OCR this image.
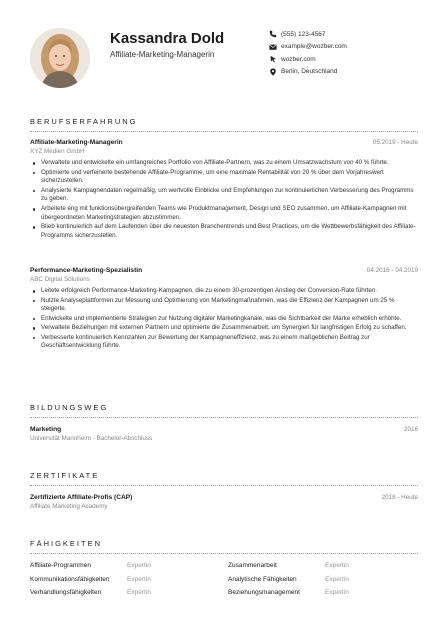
Kassandra Dold
Affiliate-Marketing-Managerin
(555) 123-4567
example@wozber.com
wozber.com
Berlin, Deutschland
BERUFSERFAHRUNG
Affiliate-Marketing-Managerin	05.2019 - Heute
XYZ Medien GmbH
Verwaltete und entwickelte ein umfangreiches Portfolio von Affiliate-Partnern, was zu einem Umsatzwachstum von 40 % führte.
Optimierte und verfeinerte bestehende Affiliate-Programme, um eine maximale Rentabilität von 20 % über dem Vorjahreswert sicherzustellen.
Analysierte Kampagnendaten regelmäßig, um wertvolle Einblicke und Empfehlungen zur kontinuierlichen Verbesserung des Programms zu geben.
Arbeitete eng mit funktionsübergreifenden Teams wie Produktmanagement, Design und SEO zusammen, um Affiliate-Kampagnen mit übergeordneten Marketingstrategien abzustimmen.
Blieb kontinuierlich auf dem Laufenden über die neuesten Branchentrends und Best Practices, um die Wettbewerbsfähigkeit des Affiliate-Programms sicherzustellen.
Performance-Marketing-Spezialistin	04.2016 - 04.2019
ABC Digital Solutions
Leitete erfolgreich Performance-Marketing-Kampagnen, die zu einem 30-prozentigen Anstieg der Conversion-Rate führten.
Nutzte Analyseplattformen zur Messung und Optimierung von Marketingmaßnahmen, was die Effizienz der Kampagnen um 25 % steigerte.
Entwickelte und implementierte Strategien zur Nutzung digitaler Marketingkanäle, was die Sichtbarkeit der Marke erheblich erhöhte.
Verwaltete Beziehungen mit externen Partnern und optimierte die Zusammenarbeit, um Synergien für langfristigen Erfolg zu schaffen.
Verbesserte kontinuierlich Kennzahlen zur Bewertung der Kampagneneffizienz, was zu einem maßgeblichen Beitrag zur Geschäftsentwicklung führte.
BILDUNGSWEG
Marketing	2016
Universität Mannheim - Bachelor-Abschluss
ZERTIFIKATE
Zertifizierte Affiliate-Profis (CAP)	2018 - Heute
Affiliate Marketing Academy
FÄHIGKEITEN
Affiliate-Programmen	Expertin	Zusammenarbeit	Expertin
Kommunikationsfähigkeiten	Expertin	Analytische Fähigkeiten	Expertin
Verhandlungsfähigkeiten	Expertin	Beziehungsmanagement	Expertin
